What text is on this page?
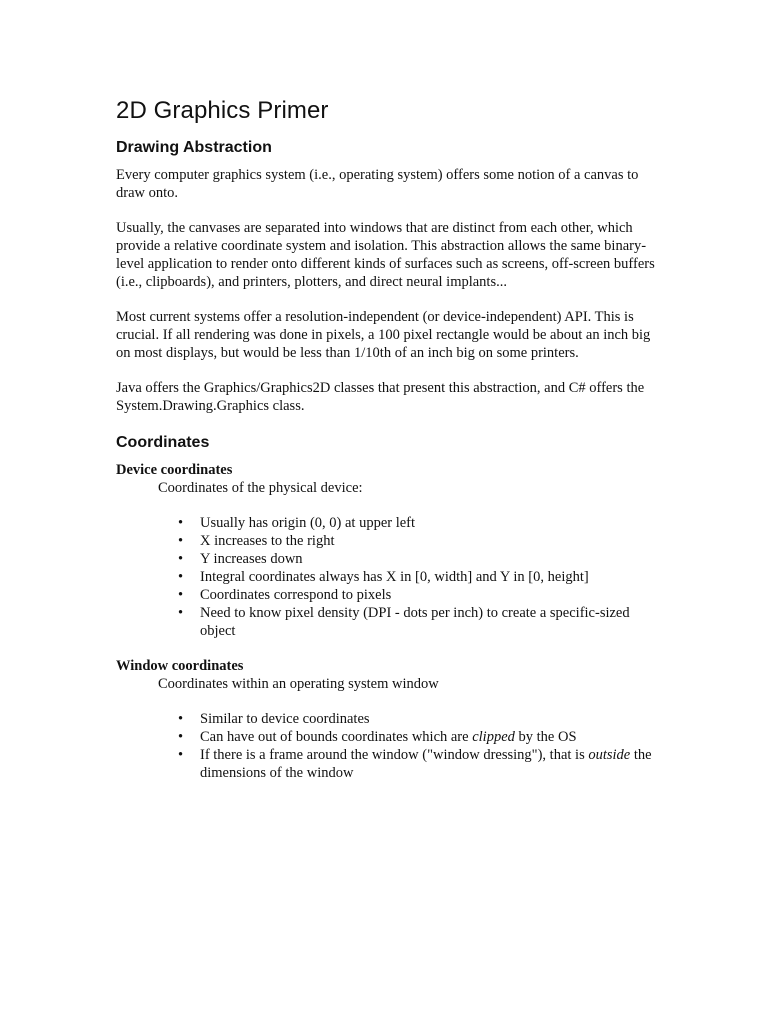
2D Graphics Primer
Drawing Abstraction

Every computer graphics system (i.e., operating system) offers some notion of a canvas to draw onto.

Usually, the canvases are separated into windows that are distinct from each other, which provide a relative coordinate system and isolation. This abstraction allows the same binary-level application to render onto different kinds of surfaces such as screens, off-screen buffers (i.e., clipboards), and printers, plotters, and direct neural implants...

Most current systems offer a resolution-independent (or device-independent) API. This is crucial. If all rendering was done in pixels, a 100 pixel rectangle would be about an inch big on most displays, but would be less than 1/10th of an inch big on some printers.

Java offers the Graphics/Graphics2D classes that present this abstraction, and C# offers the System.Drawing.Graphics class.

Coordinates
Device coordinates
Coordinates of the physical device:
• Usually has origin (0, 0) at upper left
• X increases to the right
• Y increases down
• Integral coordinates always has X in [0, width] and Y in [0, height]
• Coordinates correspond to pixels
• Need to know pixel density (DPI - dots per inch) to create a specific-sized object
Window coordinates
Coordinates within an operating system window
• Similar to device coordinates
• Can have out of bounds coordinates which are clipped by the OS
• If there is a frame around the window ("window dressing"), that is outside the dimensions of the window
